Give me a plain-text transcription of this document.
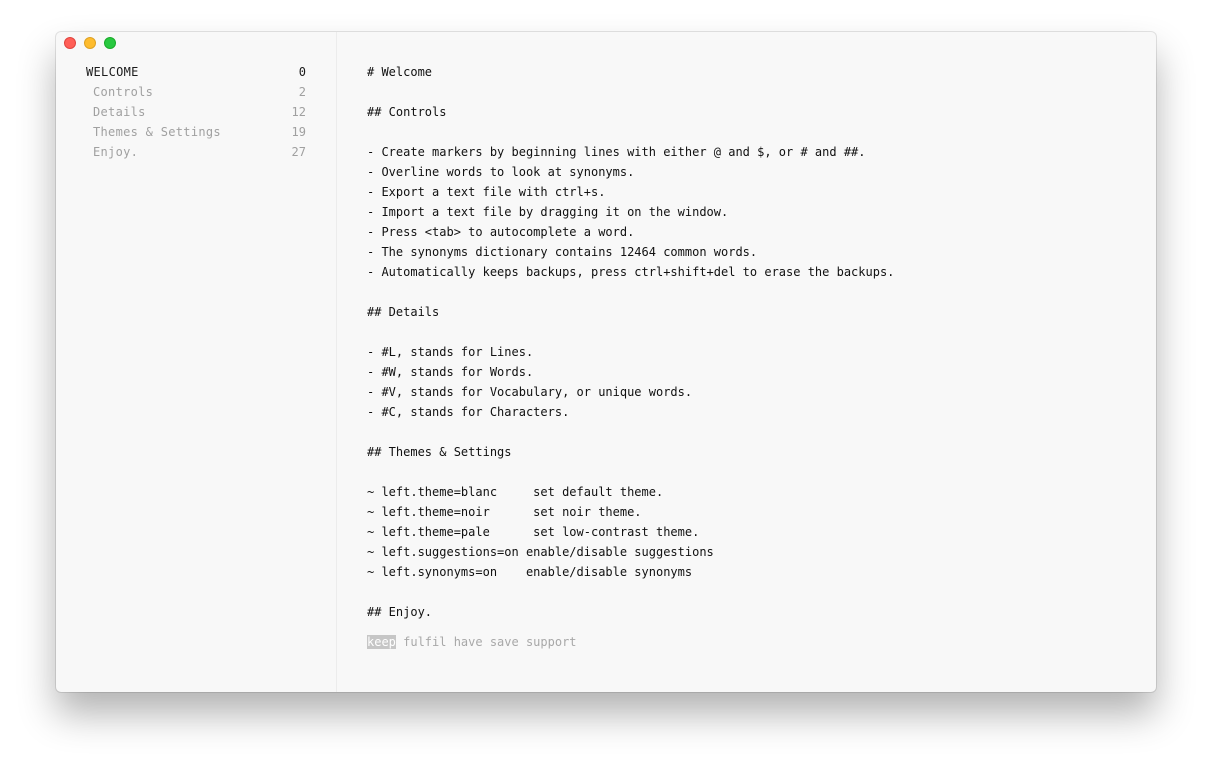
WELCOME	0
Controls	2
Details	12
Themes & Settings	19
Enjoy.	27
# Welcome
## Controls
- Create markers by beginning lines with either @ and $, or # and ##.
- Overline words to look at synonyms.
- Export a text file with ctrl+s.
- Import a text file by dragging it on the window.
- Press <tab> to autocomplete a word.
- The synonyms dictionary contains 12464 common words.
- Automatically keeps backups, press ctrl+shift+del to erase the backups.
## Details
- #L, stands for Lines.
- #W, stands for Words.
- #V, stands for Vocabulary, or unique words.
- #C, stands for Characters.
## Themes & Settings
~ left.theme=blanc     set default theme.
~ left.theme=noir      set noir theme.
~ left.theme=pale      set low-contrast theme.
~ left.suggestions=on enable/disable suggestions
~ left.synonyms=on    enable/disable synonyms
## Enjoy.
keep fulfil have save support
